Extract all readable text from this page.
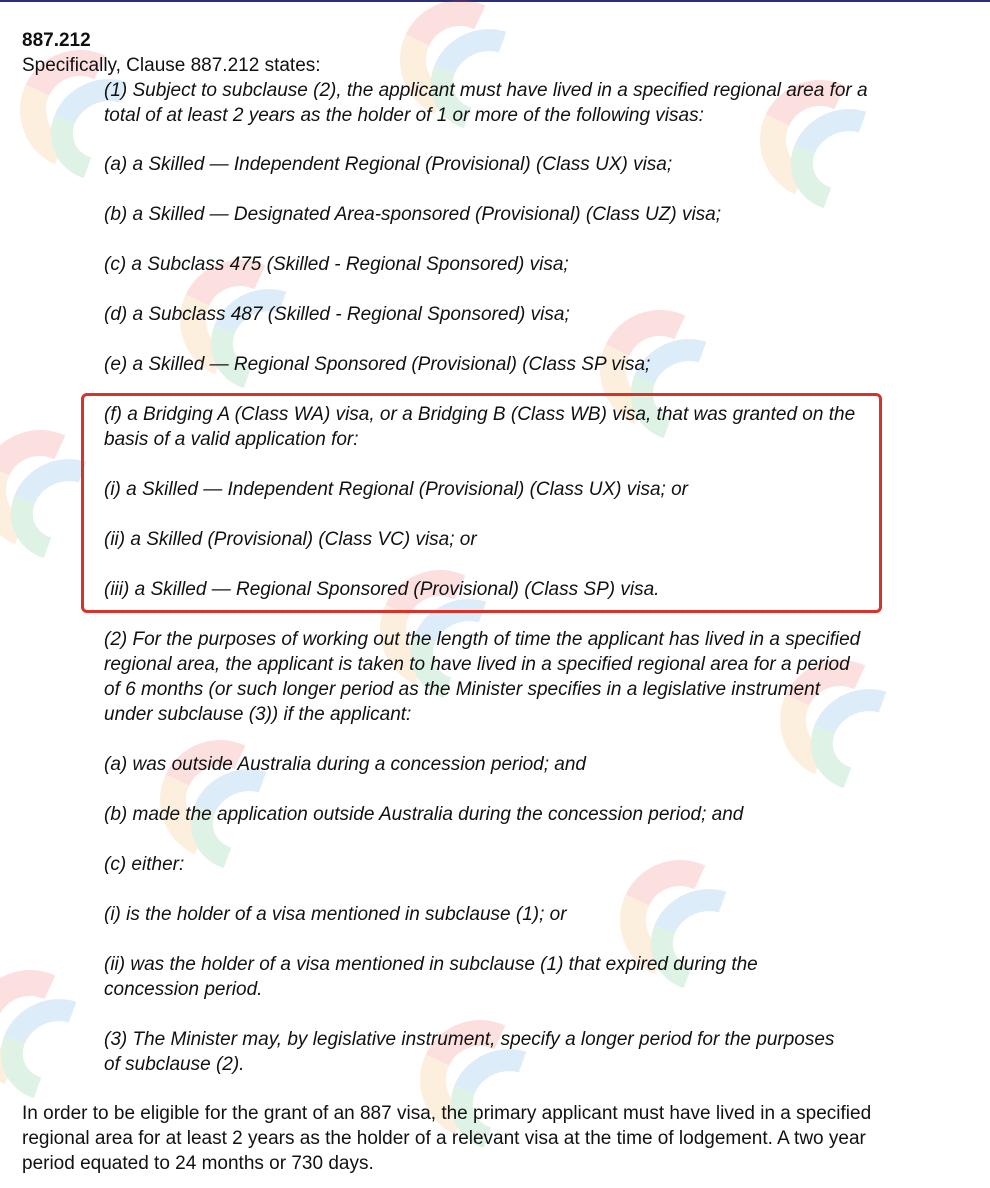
887.212
Specifically, Clause 887.212 states:

(1) Subject to subclause (2), the applicant must have lived in a specified regional area for a total of at least 2 years as the holder of 1 or more of the following visas:

(a) a Skilled — Independent Regional (Provisional) (Class UX) visa;

(b) a Skilled — Designated Area-sponsored (Provisional) (Class UZ) visa;

(c) a Subclass 475 (Skilled - Regional Sponsored) visa;

(d) a Subclass 487 (Skilled - Regional Sponsored) visa;

(e) a Skilled — Regional Sponsored (Provisional) (Class SP visa;

(f) a Bridging A (Class WA) visa, or a Bridging B (Class WB) visa, that was granted on the basis of a valid application for:

(i) a Skilled — Independent Regional (Provisional) (Class UX) visa; or

(ii) a Skilled (Provisional) (Class VC) visa; or

(iii) a Skilled — Regional Sponsored (Provisional) (Class SP) visa.

(2) For the purposes of working out the length of time the applicant has lived in a specified regional area, the applicant is taken to have lived in a specified regional area for a period of 6 months (or such longer period as the Minister specifies in a legislative instrument under subclause (3)) if the applicant:

(a) was outside Australia during a concession period; and

(b) made the application outside Australia during the concession period; and

(c) either:

(i) is the holder of a visa mentioned in subclause (1); or

(ii) was the holder of a visa mentioned in subclause (1) that expired during the concession period.

(3) The Minister may, by legislative instrument, specify a longer period for the purposes of subclause (2).

In order to be eligible for the grant of an 887 visa, the primary applicant must have lived in a specified regional area for at least 2 years as the holder of a relevant visa at the time of lodgement. A two year period equated to 24 months or 730 days.
